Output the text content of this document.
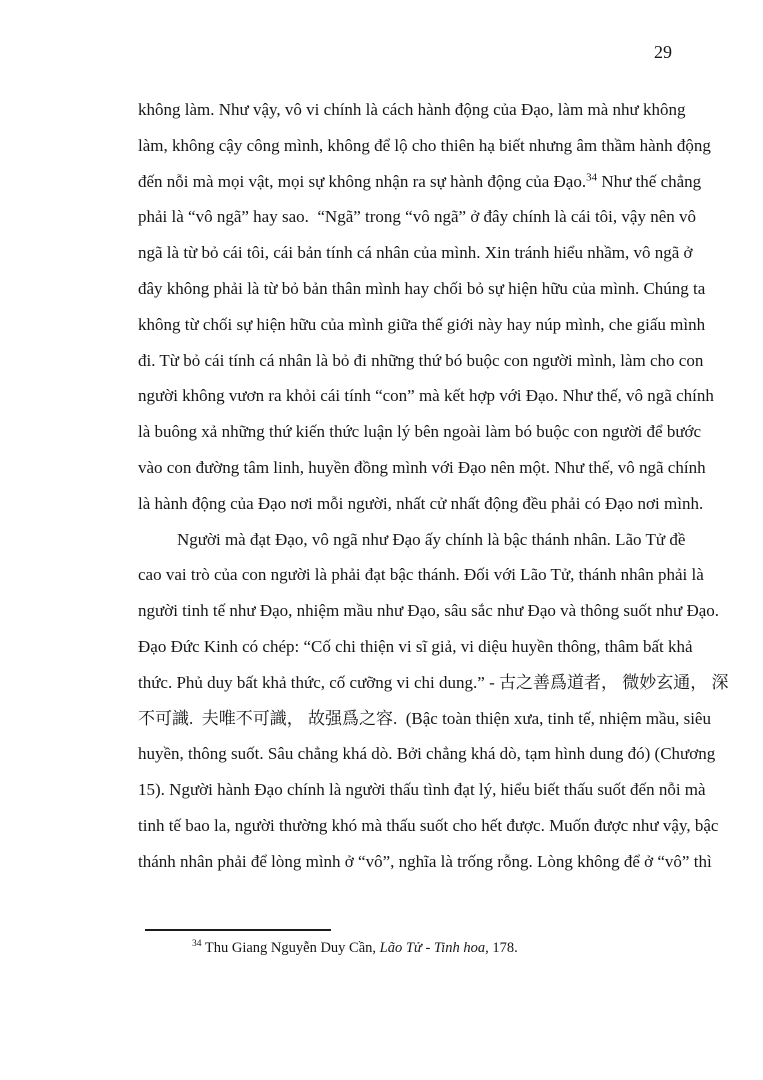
29
không làm. Như vậy, vô vi chính là cách hành động của Đạo, làm mà như không
làm, không cậy công mình, không để lộ cho thiên hạ biết nhưng âm thầm hành động
đến nỗi mà mọi vật, mọi sự không nhận ra sự hành động của Đạo.$^{34}$ Như thế chẳng
phải là “vô ngã” hay sao.  “Ngã” trong “vô ngã” ở đây chính là cái tôi, vậy nên vô
ngã là từ bỏ cái tôi, cái bản tính cá nhân của mình. Xin tránh hiểu nhầm, vô ngã ở
đây không phải là từ bỏ bản thân mình hay chối bỏ sự hiện hữu của mình. Chúng ta
không từ chối sự hiện hữu của mình giữa thế giới này hay núp mình, che giấu mình
đi. Từ bỏ cái tính cá nhân là bỏ đi những thứ bó buộc con người mình, làm cho con
người không vươn ra khỏi cái tính “con” mà kết hợp với Đạo. Như thế, vô ngã chính
là buông xả những thứ kiến thức luận lý bên ngoài làm bó buộc con người để bước
vào con đường tâm linh, huyền đồng mình với Đạo nên một. Như thế, vô ngã chính
là hành động của Đạo nơi mỗi người, nhất cử nhất động đều phải có Đạo nơi mình.
Người mà đạt Đạo, vô ngã như Đạo ấy chính là bậc thánh nhân. Lão Tử đề
cao vai trò của con người là phải đạt bậc thánh. Đối với Lão Tử, thánh nhân phải là
người tinh tế như Đạo, nhiệm mầu như Đạo, sâu sắc như Đạo và thông suốt như Đạo.
Đạo Đức Kinh có chép: “Cố chi thiện vi sĩ giả, vi diệu huyền thông, thâm bất khả
thức. Phủ duy bất khả thức, cố cưỡng vi chi dung.” - 古之善爲道者， 微妙玄通， 深
不可識.  夫唯不可識， 故强爲之容.  (Bậc toàn thiện xưa, tinh tế, nhiệm mầu, siêu
huyền, thông suốt. Sâu chẳng khá dò. Bởi chẳng khá dò, tạm hình dung đó) (Chương
15). Người hành Đạo chính là người thấu tình đạt lý, hiểu biết thấu suốt đến nỗi mà
tinh tế bao la, người thường khó mà thấu suốt cho hết được. Muốn được như vậy, bậc
thánh nhân phải để lòng mình ở “vô”, nghĩa là trống rỗng. Lòng không để ở “vô” thì
$^{34}$ Thu Giang Nguyễn Duy Cần, Lão Tử - Tinh hoa, 178.
